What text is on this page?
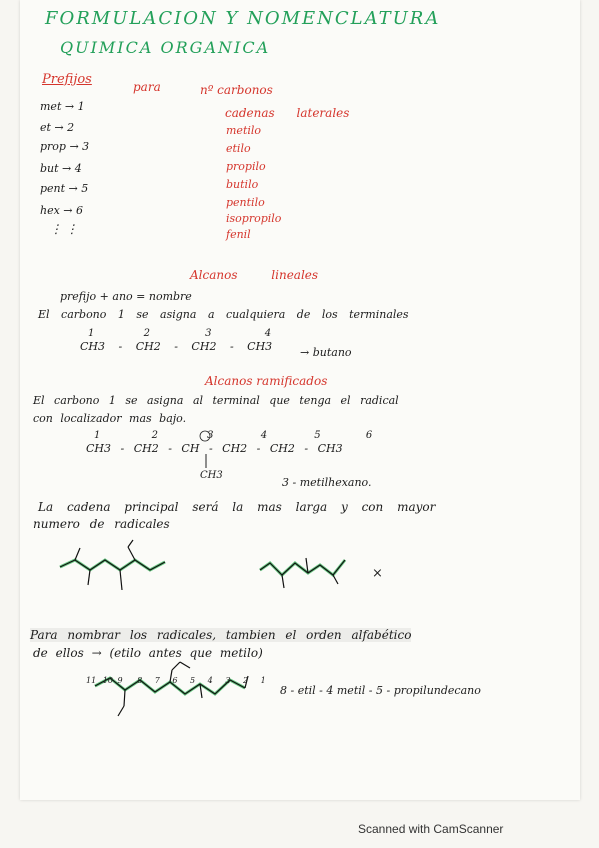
FORMULACION Y NOMENCLATURA
QUIMICA ORGANICA
Prefijos	para	nº carbonos
met → 1
et → 2
prop → 3
but → 4
pent → 5
hex → 6
⋮ ⋮
cadenas laterales
metilo
etilo
propilo
butilo
pentilo
isopropilo
fenil
Alcanos lineales
prefijo + ano = nombre
El carbono 1 se asigna a cualquiera de los terminales
1	2	3	4
CH3 - CH2 - CH2 - CH3	→ butano
Alcanos ramificados
El carbono 1 se asigna al terminal que tenga el radical
con localizador mas bajo.
1	2	3	4	5	6
CH3 - CH2 - CH - CH2 - CH2 - CH3
CH3
3 - metilhexano.
La cadena principal será la mas larga y con mayor
numero de radicales
×
Para nombrar los radicales, tambien el orden alfabético
de ellos → (etilo antes que metilo)
11 10 9 8 7 6 5 4 3 2 1
8 - etil - 4 metil - 5 - propilundecano
Scanned with CamScanner
